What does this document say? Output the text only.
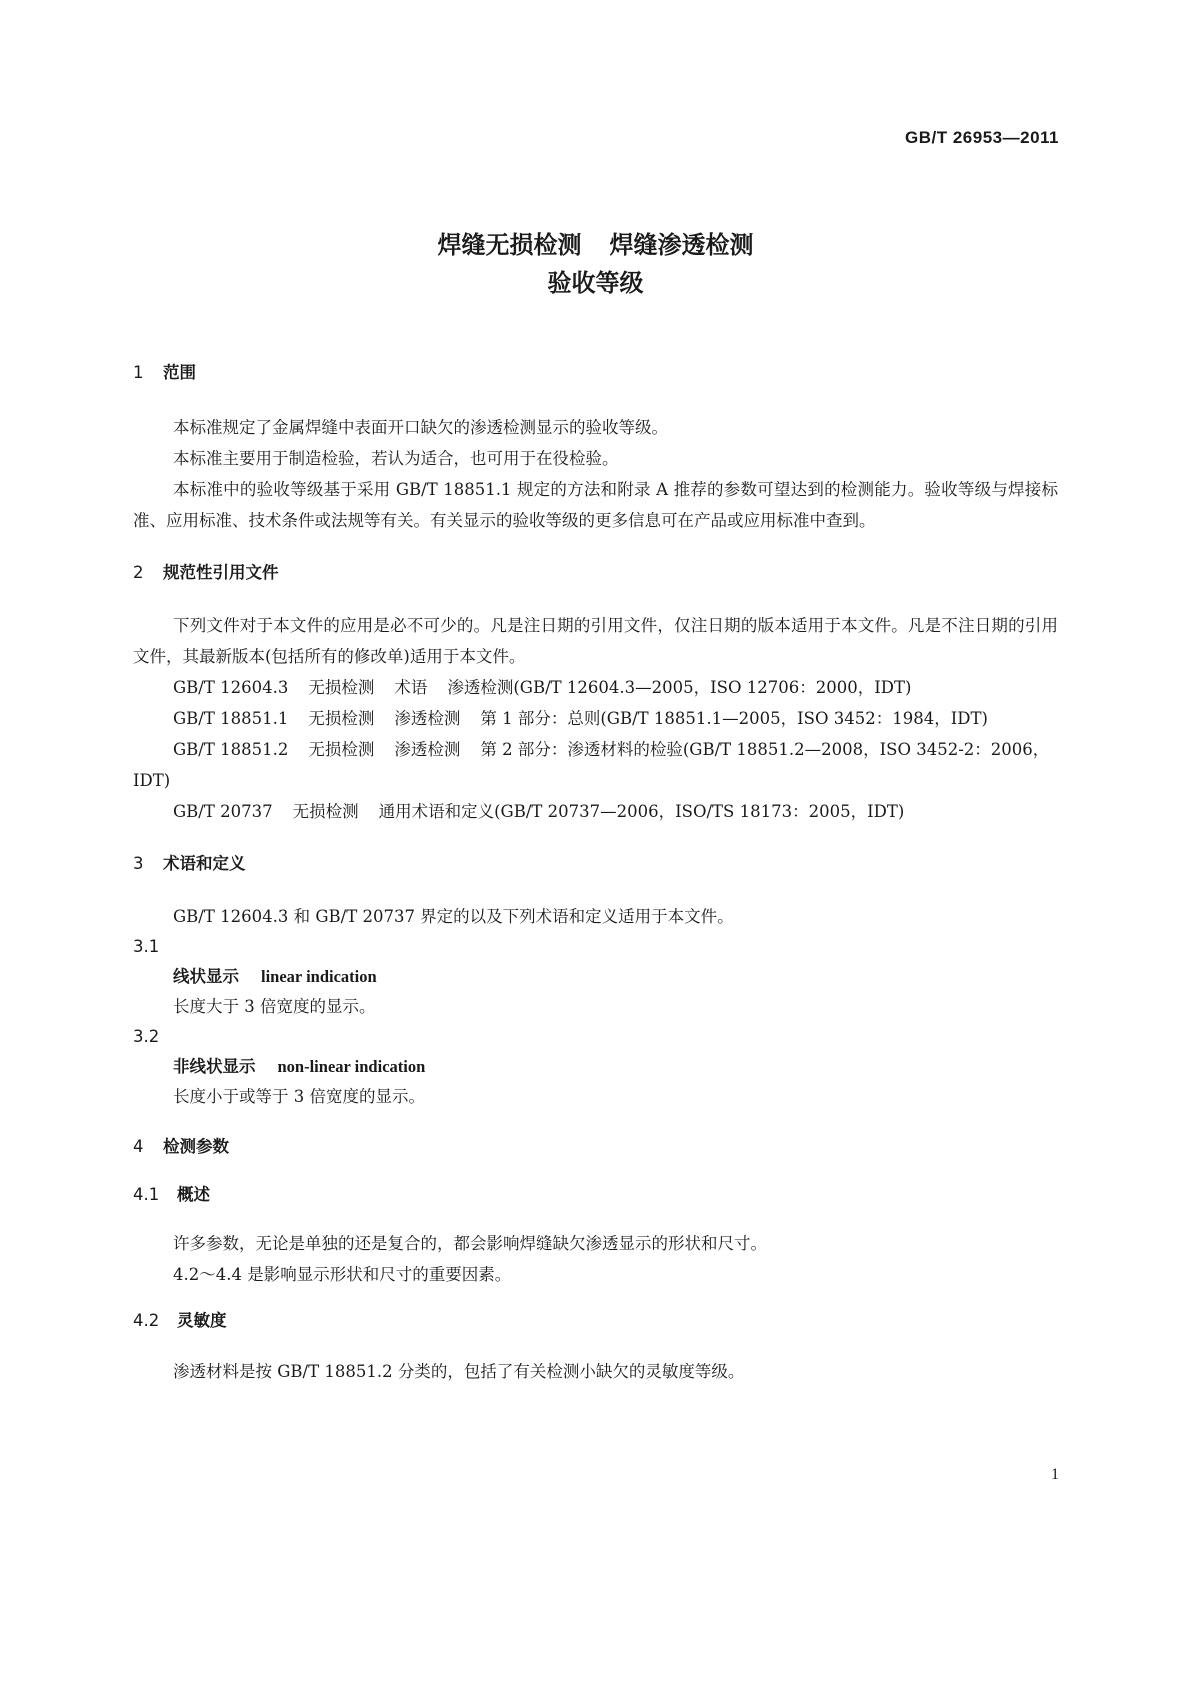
GB/T 26953—2011
焊缝无损检测 焊缝渗透检测
验收等级
1 范围
本标准规定了金属焊缝中表面开口缺欠的渗透检测显示的验收等级。
本标准主要用于制造检验，若认为适合，也可用于在役检验。
本标准中的验收等级基于采用 GB/T 18851.1 规定的方法和附录 A 推荐的参数可望达到的检测能力。验收等级与焊接标准、应用标准、技术条件或法规等有关。有关显示的验收等级的更多信息可在产品或应用标准中查到。
2 规范性引用文件
下列文件对于本文件的应用是必不可少的。凡是注日期的引用文件，仅注日期的版本适用于本文件。凡是不注日期的引用文件，其最新版本(包括所有的修改单)适用于本文件。
GB/T 12604.3 无损检测 术语 渗透检测(GB/T 12604.3—2005，ISO 12706：2000，IDT)
GB/T 18851.1 无损检测 渗透检测 第 1 部分：总则(GB/T 18851.1—2005，ISO 3452：1984，IDT)
GB/T 18851.2 无损检测 渗透检测 第 2 部分：渗透材料的检验(GB/T 18851.2—2008，ISO 3452-2：2006，IDT)
GB/T 20737 无损检测 通用术语和定义(GB/T 20737—2006，ISO/TS 18173：2005，IDT)
3 术语和定义
GB/T 12604.3 和 GB/T 20737 界定的以及下列术语和定义适用于本文件。
3.1
线状显示 linear indication
长度大于 3 倍宽度的显示。
3.2
非线状显示 non-linear indication
长度小于或等于 3 倍宽度的显示。
4 检测参数
4.1 概述
许多参数，无论是单独的还是复合的，都会影响焊缝缺欠渗透显示的形状和尺寸。
4.2～4.4 是影响显示形状和尺寸的重要因素。
4.2 灵敏度
渗透材料是按 GB/T 18851.2 分类的，包括了有关检测小缺欠的灵敏度等级。
1
